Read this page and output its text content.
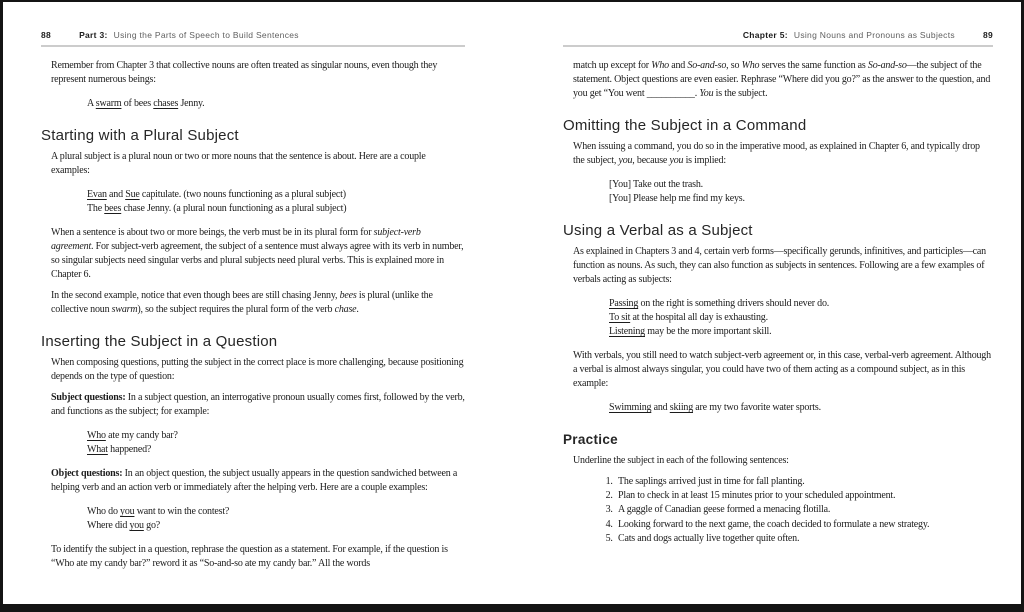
88	Part 3: Using the Parts of Speech to Build Sentences

Remember from Chapter 3 that collective nouns are often treated as singular nouns, even though they represent numerous beings:

A swarm of bees chases Jenny.
Starting with a Plural Subject

A plural subject is a plural noun or two or more nouns that the sentence is about. Here are a couple examples:

Evan and Sue capitulate. (two nouns functioning as a plural subject)
The bees chase Jenny. (a plural noun functioning as a plural subject)

When a sentence is about two or more beings, the verb must be in its plural form for subject-verb agreement. For subject-verb agreement, the subject of a sentence must always agree with its verb in number, so singular subjects need singular verbs and plural subjects need plural verbs. This is explained more in Chapter 6.

In the second example, notice that even though bees are still chasing Jenny, bees is plural (unlike the collective noun swarm), so the subject requires the plural form of the verb chase.

Inserting the Subject in a Question

When composing questions, putting the subject in the correct place is more challenging, because positioning depends on the type of question:

Subject questions: In a subject question, an interrogative pronoun usually comes first, followed by the verb, and functions as the subject; for example:

Who ate my candy bar?
What happened?

Object questions: In an object question, the subject usually appears in the question sandwiched between a helping verb and an action verb or immediately after the helping verb. Here are a couple examples:

Who do you want to win the contest?
Where did you go?

To identify the subject in a question, rephrase the question as a statement. For example, if the question is “Who ate my candy bar?” reword it as “So-and-so ate my candy bar.” All the words

Chapter 5: Using Nouns and Pronouns as Subjects	89

match up except for Who and So-and-so, so Who serves the same function as So-and-so—the subject of the statement. Object questions are even easier. Rephrase “Where did you go?” as the answer to the question, and you get “You went __________. You is the subject.

Omitting the Subject in a Command

When issuing a command, you do so in the imperative mood, as explained in Chapter 6, and typically drop the subject, you, because you is implied:

[You] Take out the trash.
[You] Please help me find my keys.
Using a Verbal as a Subject

As explained in Chapters 3 and 4, certain verb forms—specifically gerunds, infinitives, and participles—can function as nouns. As such, they can also function as subjects in sentences. Following are a few examples of verbals acting as subjects:

Passing on the right is something drivers should never do.
To sit at the hospital all day is exhausting.
Listening may be the more important skill.

With verbals, you still need to watch subject-verb agreement or, in this case, verbal-verb agreement. Although a verbal is almost always singular, you could have two of them acting as a compound subject, as in this example:

Swimming and skiing are my two favorite water sports.
Practice

Underline the subject in each of the following sentences:

1. The saplings arrived just in time for fall planting.
2. Plan to check in at least 15 minutes prior to your scheduled appointment.
3. A gaggle of Canadian geese formed a menacing flotilla.
4. Looking forward to the next game, the coach decided to formulate a new strategy.
5. Cats and dogs actually live together quite often.
